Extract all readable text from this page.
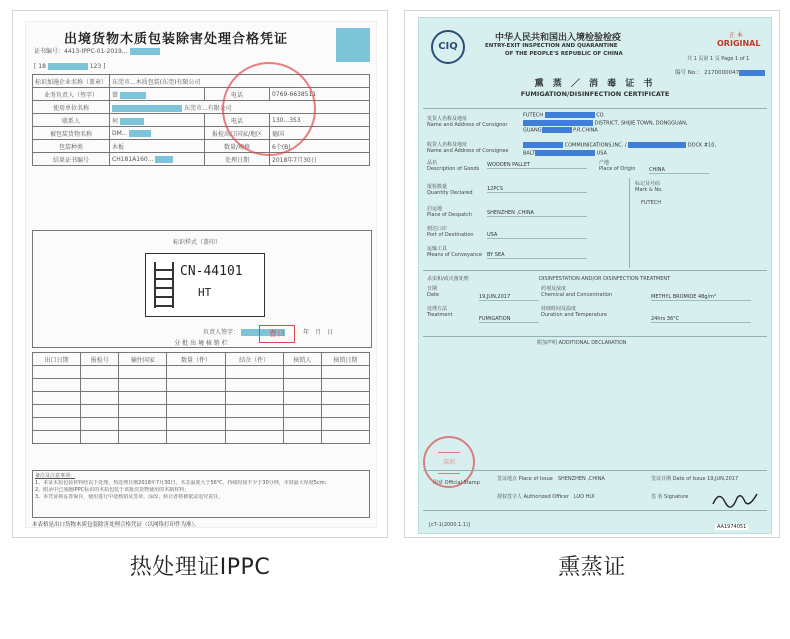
出境货物木质包装除害处理合格凭证
证书编号：4413-IPPC-01-2019...
[ 18	123 ]
标识加施企业名称（盖章）	东莞市...木质包装(东莞)有限公司		
业务负责人（签字）	曾	电话	0769-6638511
使用单位名称	东莞市...有限公司		
联系人	何	电话	130...353
被包装货物名称	DM...	报检出口国家/地区	德国
包装种类	木板	数量/规格	6个(B)
结果证书编号	CH181A160...	处理日期	2018年7月30日
标识样式（盖印）
CN-44101
HT
负责人签字：	曹日	年　月　日
分 批 出 境 核 销 栏
出口日期	报检号	输往国家	数量（件）	结余（件）	核销人	核销日期

备注及注意事项：
1、本证木质包装材料经以下处理，热处理日期2018年7月30日，木芯温度大于56℃，持续时间不少于30分钟，木材最大厚度5cm；
2、附录中已加施IPPC标识的木质包装于该批次货物使用的木制材料；
3、本凭证须妥善保存，使用进行中途核销及签章，涂改、转让者将被依法追究责任。
本表格是出口货物木质包装除害处理合格凭证（以网络打印件为准）。
热处理证IPPC
CIQ
中华人民共和国出入境检验检疫
ENTRY-EXIT INSPECTION AND QUARANTINE
OF THE PEOPLE'S REPUBLIC OF CHINA
正 本
ORIGINAL
共 1 页第 1 页 Page 1 of 1
编号 No.： 2170000047
熏 蒸 ／ 消 毒 证 书
FUMIGATION/DISINFECTION CERTIFICATE
发货人名称及地址
Name and Address of Consignor
FUTECH	CO.
DISTRICT, SHIJIE TOWN, DONGGUAN,
GUANG	P.R.CHINA
收货人名称及地址
Name and Address of Consignee
COMMUNICATIONS,INC. /	DOCK #10,
BALT	USA
品名
Description of Goods
WOODEN PALLET	产地
Place of Origin	CHINA
报检数量
Quantity Declared
12PCS
标记及号码
Mark & No.
FUTECH
启运地
Place of Despatch	SHENZHEN ,CHINA
到达口岸
Port of Destination	USA
运输工具
Means of Conveyance BY SEA
杀虫和/或灭菌处理	DISINFESTATION AND/OR DISINFECTION TREATMENT
日期
Date	19,JUN,2017
药剂及浓度
Chemical and Concentration	METHYL BROMIDE 48g/m³
处理方法
Treatment
FUMIGATION
持续时间及温度
Duration and Temperature
24hrs 36°C
附加声明 ADDITIONAL DECLARATION
深圳
印章 Official Stamp
签证地点 Place of Issue　 SHENZHEN ,CHINA	签证日期 Date of Issue 19,JUN,2017
授权签字人 Authorized Officer　 LUO HUI	签 名 Signature
[c7-1(2000.1.1)]	AA1974051
熏蒸证
